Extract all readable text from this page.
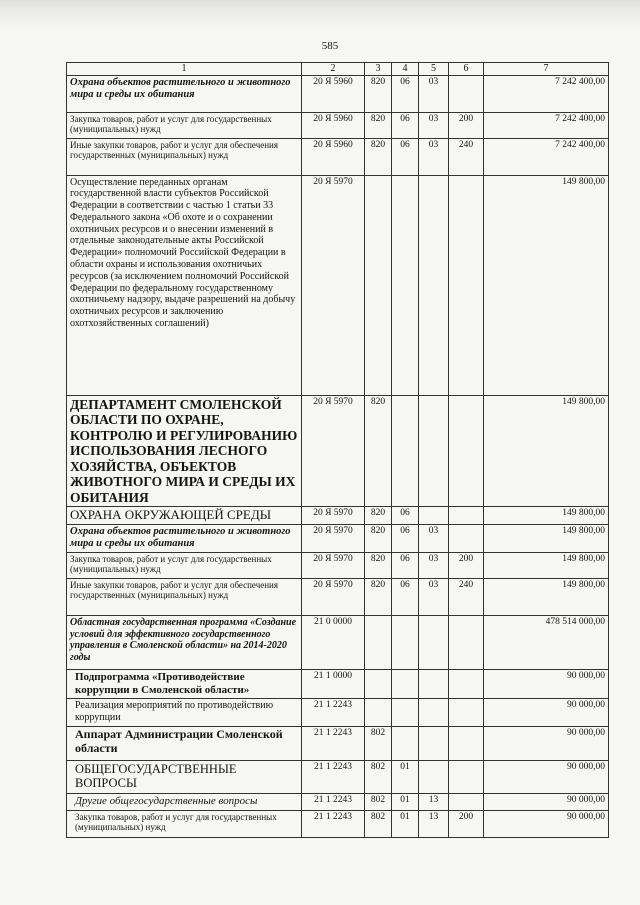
585
1	2	3	4	5	6	7
Охрана объектов растительного и животного мира и среды их обитания	20 Я 5960	820	06	03		7 242 400,00
Закупка товаров, работ и услуг для государственных (муниципальных) нужд	20 Я 5960	820	06	03	200	7 242 400,00
Иные закупки товаров, работ и услуг для обеспечения государственных (муниципальных) нужд	20 Я 5960	820	06	03	240	7 242 400,00
Осуществление переданных органам государственной власти субъектов Российской Федерации в соответствии с частью 1 статьи 33 Федерального закона «Об охоте и о сохранении охотничьих ресурсов и о внесении изменений в отдельные законодательные акты Российской Федерации» полномочий Российской Федерации в области охраны и использования охотничьих ресурсов (за исключением полномочий Российской Федерации по федеральному государственному охотничьему надзору, выдаче разрешений на добычу охотничьих ресурсов и заключению охотхозяйственных соглашений)	20 Я 5970					149 800,00
ДЕПАРТАМЕНТ СМОЛЕНСКОЙ ОБЛАСТИ ПО ОХРАНЕ, КОНТРОЛЮ И РЕГУЛИРОВАНИЮ ИСПОЛЬЗОВАНИЯ ЛЕСНОГО ХОЗЯЙСТВА, ОБЪЕКТОВ ЖИВОТНОГО МИРА И СРЕДЫ ИХ ОБИТАНИЯ	20 Я 5970	820				149 800,00
ОХРАНА ОКРУЖАЮЩЕЙ СРЕДЫ	20 Я 5970	820	06			149 800,00
Охрана объектов растительного и животного мира и среды их обитания	20 Я 5970	820	06	03		149 800,00
Закупка товаров, работ и услуг для государственных (муниципальных) нужд	20 Я 5970	820	06	03	200	149 800,00
Иные закупки товаров, работ и услуг для обеспечения государственных (муниципальных) нужд	20 Я 5970	820	06	03	240	149 800,00
Областная государственная программа «Создание условий для эффективного государственного управления в Смоленской области» на 2014-2020 годы	21 0 0000					478 514 000,00
Подпрограмма «Противодействие коррупции в Смоленской области»	21 1 0000					90 000,00
Реализация мероприятий по противодействию коррупции	21 1 2243					90 000,00
Аппарат Администрации Смоленской области	21 1 2243	802				90 000,00
ОБЩЕГОСУДАРСТВЕННЫЕ ВОПРОСЫ	21 1 2243	802	01			90 000,00
Другие общегосударственные вопросы	21 1 2243	802	01	13		90 000,00
Закупка товаров, работ и услуг для государственных (муниципальных) нужд	21 1 2243	802	01	13	200	90 000,00
